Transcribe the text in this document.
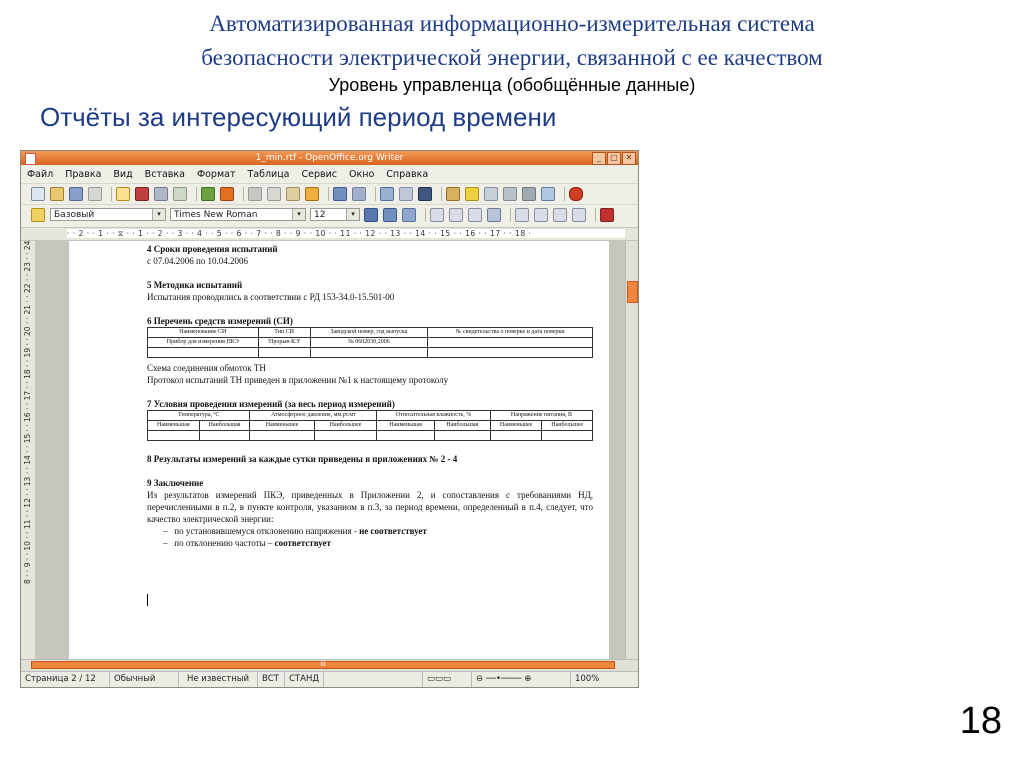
Автоматизированная информационно-измерительная система
безопасности электрической энергии, связанной с ее качеством
Уровень управленца (обобщённые данные)
Отчёты за интересующий период времени
18
1_min.rtf - OpenOffice.org Writer	_	▢ ✕
Файл Правка Вид Вставка Формат Таблица Сервис Окно Справка
Базовый	▾	Times New Roman	▾	12	▾
· · 2 · · 1 · · ⧖ · · 1 · · 2 · · 3 · · 4 · · 5 · · 6 · · 7 · · 8 · · 9 · · 10 · · 11 · · 12 · · 13 · · 14 · · 15 · · 16 · · 17 · · 18 ·
8 · · 9 · · 10 · · 11 · · 12 · · 13 · · 14 · · 15 · · 16 · · 17 · · 18 · · 19 · · 20 · · 21 · · 22 · · 23 · · 24	4 Сроки проведения испытаний
с 07.04.2006 по 10.04.2006
5 Методика испытаний
Испытания проводились в соответствии с РД 153-34.0-15.501-00
6 Перечень средств измерений (СИ)
Наименование СИ	Тип СИ	Заводской номер, год выпуска	№ свидетельства о поверке и дата поверки
Прибор для измерения ПКЭ	'Прорыв-КЭ'	№ 0602030,2006	

Схема соединения обмоток ТН
Протокол испытаний ТН приведен в приложении №1 к настоящему протоколу
7 Условия проведения измерений (за весь период измерений)
Температура, ºС		Атмосферное давление, мм.рт.мт		Относительная влажность, %		Напряжение питания, В	
Наименьшая	Наибольшая	Наименьшее	Наибольшее	Наименьшая	Наибольшая	Наименьшее	Наибольшее

8 Результаты измерений за каждые сутки приведены в приложениях № 2 - 4
9 Заключение
Из результатов измерений ПКЭ, приведенных в Приложении 2, и сопоставления с требованиями НД, перечисленными в п.2, в пункте контроля, указанном в п.3, за период времени, определенный в п.4, следует, что качество электрической энергии:
– по установившемуся отклонению напряжения - не соответствует
– по отклонению частоты – соответствует
III
Страница 2 / 12	Обычный	Не известный	ВСТ	СТАНД	▭▭▭	⊖ ──•──── ⊕	100%
